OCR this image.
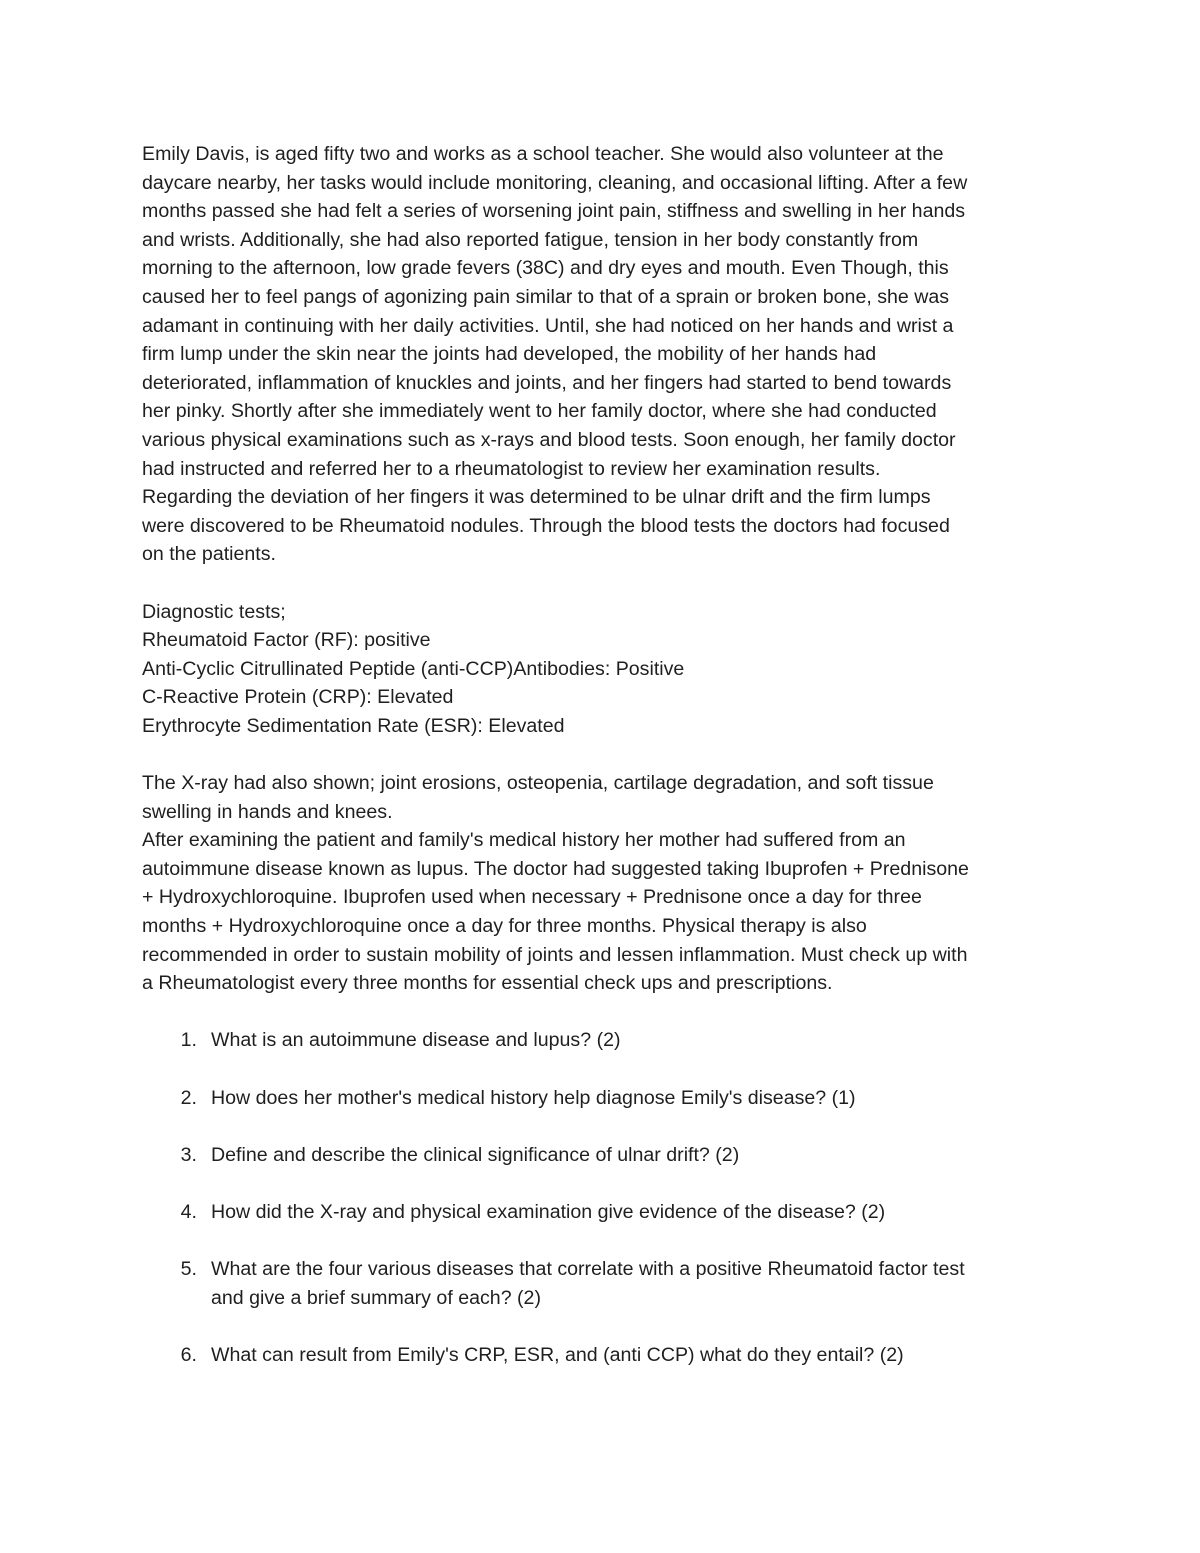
Emily Davis, is aged fifty two and works as a school teacher. She would also volunteer at the
daycare nearby, her tasks would include monitoring, cleaning, and occasional lifting. After a few
months passed she had felt a series of worsening joint pain, stiffness and swelling in her hands
and wrists. Additionally, she had also reported fatigue, tension in her body constantly from
morning to the afternoon, low grade fevers (38C) and dry eyes and mouth. Even Though, this
caused her to feel pangs of agonizing pain similar to that of a sprain or broken bone, she was
adamant in continuing with her daily activities. Until, she had noticed on her hands and wrist a
firm lump under the skin near the joints had developed, the mobility of her hands had
deteriorated, inflammation of knuckles and joints, and her fingers had started to bend towards
her pinky. Shortly after she immediately went to her family doctor, where she had conducted
various physical examinations such as x-rays and blood tests. Soon enough, her family doctor
had instructed and referred her to a rheumatologist to review her examination results.
Regarding the deviation of her fingers it was determined to be ulnar drift and the firm lumps
were discovered to be Rheumatoid nodules. Through the blood tests the doctors had focused
on the patients.

Diagnostic tests;
Rheumatoid Factor (RF): positive
Anti-Cyclic Citrullinated Peptide (anti-CCP)Antibodies: Positive
C-Reactive Protein (CRP): Elevated
Erythrocyte Sedimentation Rate (ESR): Elevated

The X-ray had also shown; joint erosions, osteopenia, cartilage degradation, and soft tissue
swelling in hands and knees.

After examining the patient and family's medical history her mother had suffered from an
autoimmune disease known as lupus. The doctor had suggested taking Ibuprofen + Prednisone
+ Hydroxychloroquine. Ibuprofen used when necessary + Prednisone once a day for three
months + Hydroxychloroquine once a day for three months. Physical therapy is also
recommended in order to sustain mobility of joints and lessen inflammation. Must check up with
a Rheumatologist every three months for essential check ups and prescriptions.

1. What is an autoimmune disease and lupus? (2)
2. How does her mother's medical history help diagnose Emily's disease? (1)
3. Define and describe the clinical significance of ulnar drift? (2)
4. How did the X-ray and physical examination give evidence of the disease? (2)
5. What are the four various diseases that correlate with a positive Rheumatoid factor test
and give a brief summary of each? (2)
6. What can result from Emily's CRP, ESR, and (anti CCP) what do they entail? (2)
